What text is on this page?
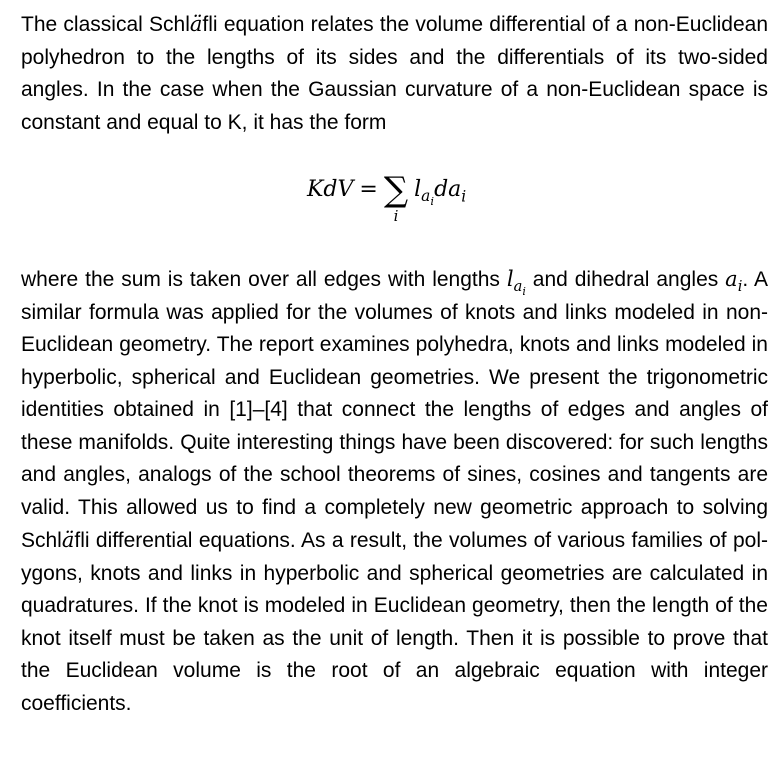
The classical Schläfli equation relates the volume differential of a non-Euclidean polyhedron to the lengths of its sides and the differentials of its two-sided angles. In the case when the Gaussian curvature of a non-Euclidean space is constant and equal to K, it has the form

KdV = ∑
i
$l_{a_i}da_i$

where the sum is taken over all edges with lengths $l_{a_i}$ and dihedral angles $a_i$. A similar formula was applied for the volumes of knots and links modeled in non-Euclidean geometry. The report examines polyhedra, knots and links modeled in hyperbolic, spherical and Euclidean geometries. We present the trigonometric identities obtained in [1]–[4] that connect the lengths of edges and angles of these manifolds. Quite interesting things have been discovered: for such lengths and angles, analogs of the school theorems of sines, cosines and tangents are valid. This allowed us to find a completely new geometric approach to solving Schläfli differential equations. As a result, the volumes of various families of polygons, knots and links in hyperbolic and spherical geometries are calculated in quadratures. If the knot is modeled in Euclidean geometry, then the length of the knot itself must be taken as the unit of length. Then it is possible to prove that the Euclidean volume is the root of an algebraic equation with integer coefficients.
